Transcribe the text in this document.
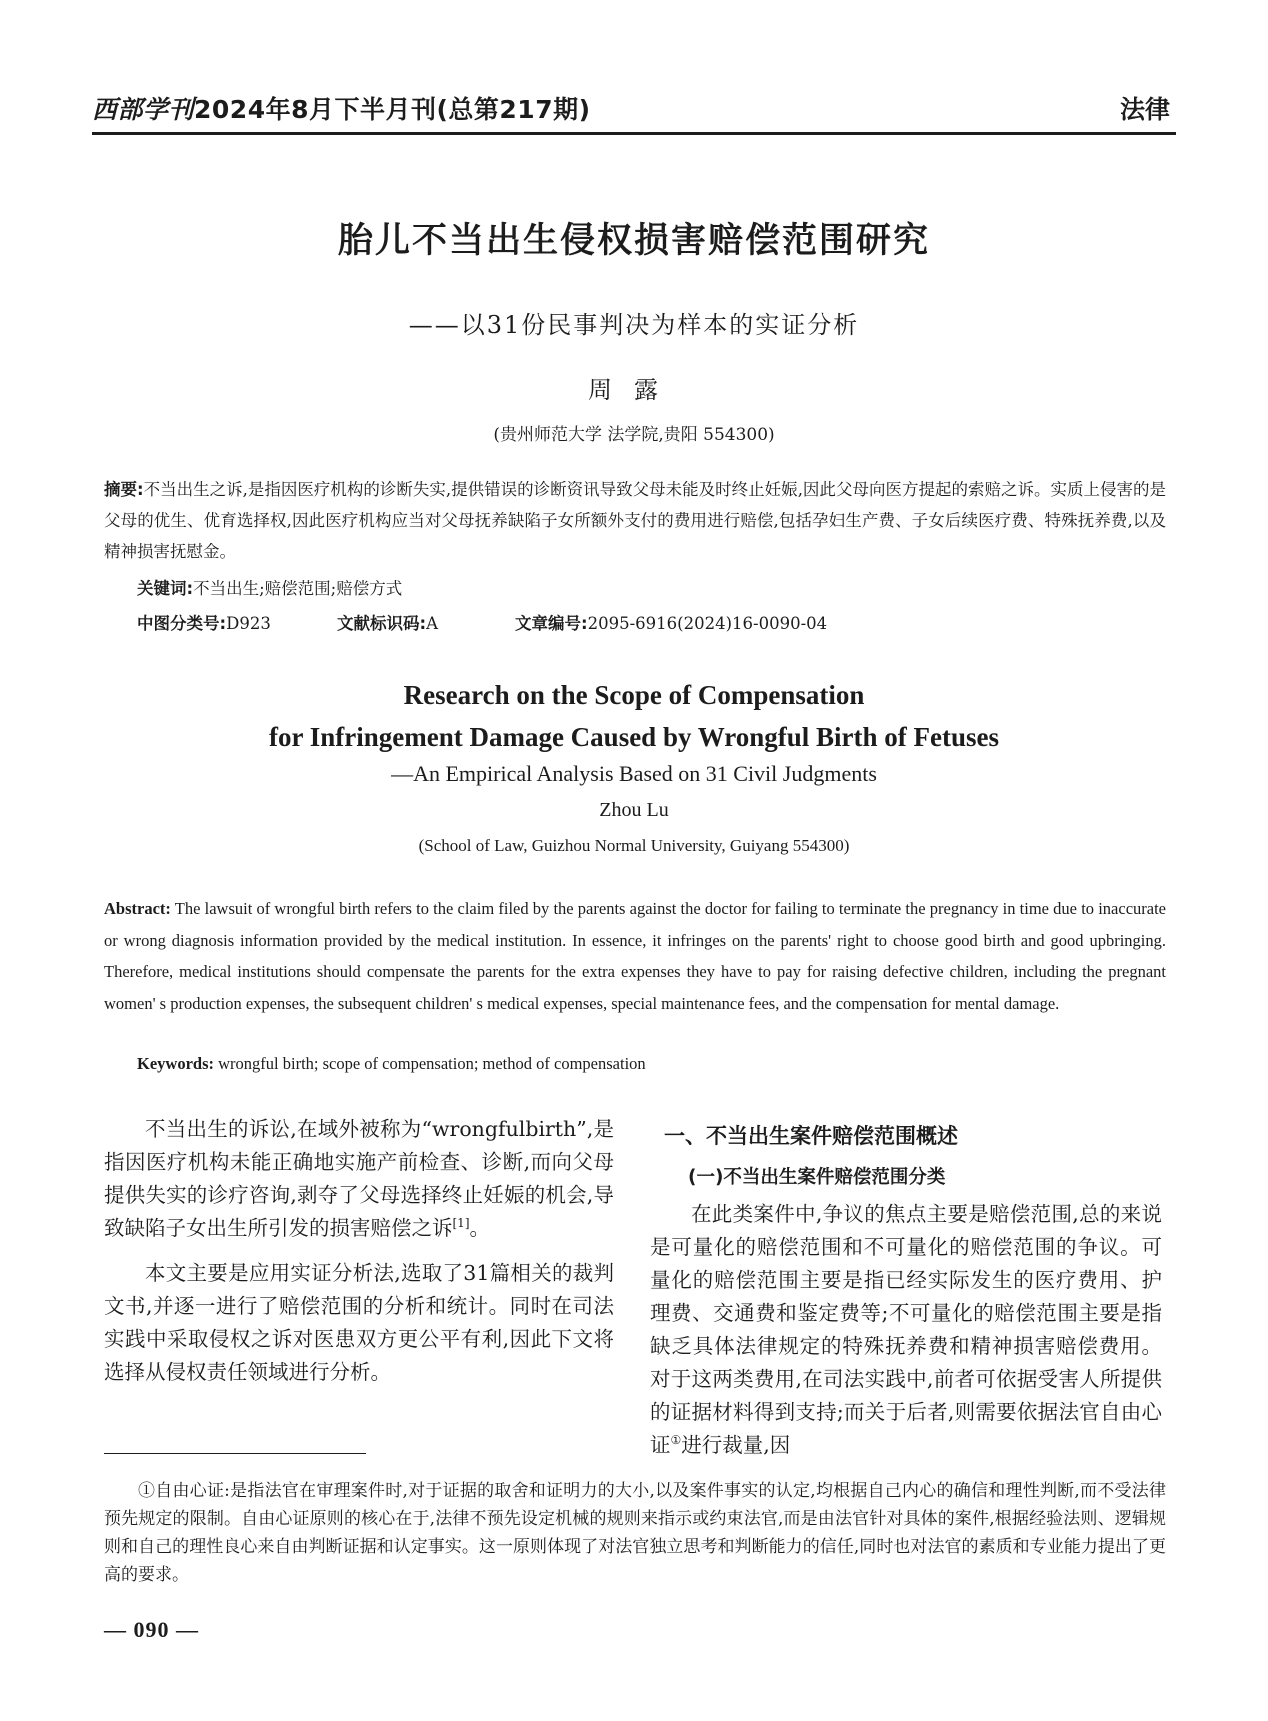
西部学刊2024年8月下半月刊(总第217期)	法律
胎儿不当出生侵权损害赔偿范围研究
——以31份民事判决为样本的实证分析
周露
(贵州师范大学 法学院,贵阳 554300)
摘要:不当出生之诉,是指因医疗机构的诊断失实,提供错误的诊断资讯导致父母未能及时终止妊娠,因此父母向医方提起的索赔之诉。实质上侵害的是父母的优生、优育选择权,因此医疗机构应当对父母抚养缺陷子女所额外支付的费用进行赔偿,包括孕妇生产费、子女后续医疗费、特殊抚养费,以及精神损害抚慰金。
关键词:不当出生;赔偿范围;赔偿方式
中图分类号:D923	文献标识码:A	文章编号:2095-6916(2024)16-0090-04
Research on the Scope of Compensation
for Infringement Damage Caused by Wrongful Birth of Fetuses
—An Empirical Analysis Based on 31 Civil Judgments
Zhou Lu
(School of Law, Guizhou Normal University, Guiyang 554300)
Abstract: The lawsuit of wrongful birth refers to the claim filed by the parents against the doctor for failing to terminate the pregnancy in time due to inaccurate or wrong diagnosis information provided by the medical institution. In essence, it infringes on the parents' right to choose good birth and good upbringing. Therefore, medical institutions should compensate the parents for the extra expenses they have to pay for raising defective children, including the pregnant women' s production expenses, the subsequent children' s medical expenses, special maintenance fees, and the compensation for mental damage.
Keywords: wrongful birth; scope of compensation; method of compensation

不当出生的诉讼,在域外被称为“wrongfulbirth”,是指因医疗机构未能正确地实施产前检查、诊断,而向父母提供失实的诊疗咨询,剥夺了父母选择终止妊娠的机会,导致缺陷子女出生所引发的损害赔偿之诉[1]。

本文主要是应用实证分析法,选取了31篇相关的裁判文书,并逐一进行了赔偿范围的分析和统计。同时在司法实践中采取侵权之诉对医患双方更公平有利,因此下文将选择从侵权责任领域进行分析。

一、不当出生案件赔偿范围概述
(一)不当出生案件赔偿范围分类

在此类案件中,争议的焦点主要是赔偿范围,总的来说是可量化的赔偿范围和不可量化的赔偿范围的争议。可量化的赔偿范围主要是指已经实际发生的医疗费用、护理费、交通费和鉴定费等;不可量化的赔偿范围主要是指缺乏具体法律规定的特殊抚养费和精神损害赔偿费用。对于这两类费用,在司法实践中,前者可依据受害人所提供的证据材料得到支持;而关于后者,则需要依据法官自由心证①进行裁量,因

①自由心证:是指法官在审理案件时,对于证据的取舍和证明力的大小,以及案件事实的认定,均根据自己内心的确信和理性判断,而不受法律预先规定的限制。自由心证原则的核心在于,法律不预先设定机械的规则来指示或约束法官,而是由法官针对具体的案件,根据经验法则、逻辑规则和自己的理性良心来自由判断证据和认定事实。这一原则体现了对法官独立思考和判断能力的信任,同时也对法官的素质和专业能力提出了更高的要求。

— 090 —
